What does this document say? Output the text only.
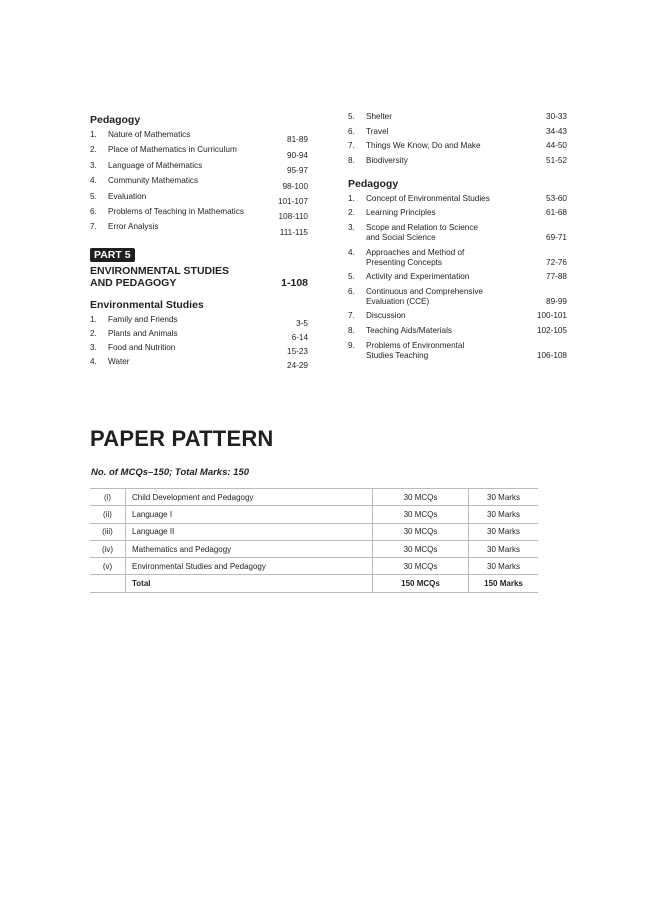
Pedagogy
1.	Nature of Mathematics
81-89
2.	Place of Mathematics in Curriculum
90-94
3.	Language of Mathematics
95-97
4.	Community Mathematics
98-100
5.	Evaluation
101-107
6.	Problems of Teaching in Mathematics
108-110
7.	Error Analysis
111-115
PART 5
ENVIRONMENTAL STUDIES
AND PEDAGOGY	1-108
Environmental Studies
1.	Family and Friends	3-5
2.	Plants and Animals	6-14
3.	Food and Nutrition	15-23
4.	Water	24-29
5.	Shelter	30-33
6.	Travel	34-43
7.	Things We Know, Do and Make	44-50
8.	Biodiversity	51-52
Pedagogy
1.	Concept of Environmental Studies	53-60
2.	Learning Principles	61-68
3.	Scope and Relation to Science
and Social Science	69-71
4.	Approaches and Method of
Presenting Concepts	72-76
5.	Activity and Experimentation	77-88
6.	Continuous and Comprehensive
Evaluation (CCE)	89-99
7.	Discussion	100-101
8.	Teaching Aids/Materials	102-105
9.	Problems of Environmental
Studies Teaching	106-108
PAPER PATTERN
No. of MCQs–150; Total Marks: 150
(i)	Child Development and Pedagogy	30 MCQs	30 Marks
(ii)	Language I	30 MCQs	30 Marks
(iii)	Language II	30 MCQs	30 Marks
(iv)	Mathematics and Pedagogy	30 MCQs	30 Marks
(v)	Environmental Studies and Pedagogy	30 MCQs	30 Marks
	Total	150 MCQs	150 Marks
